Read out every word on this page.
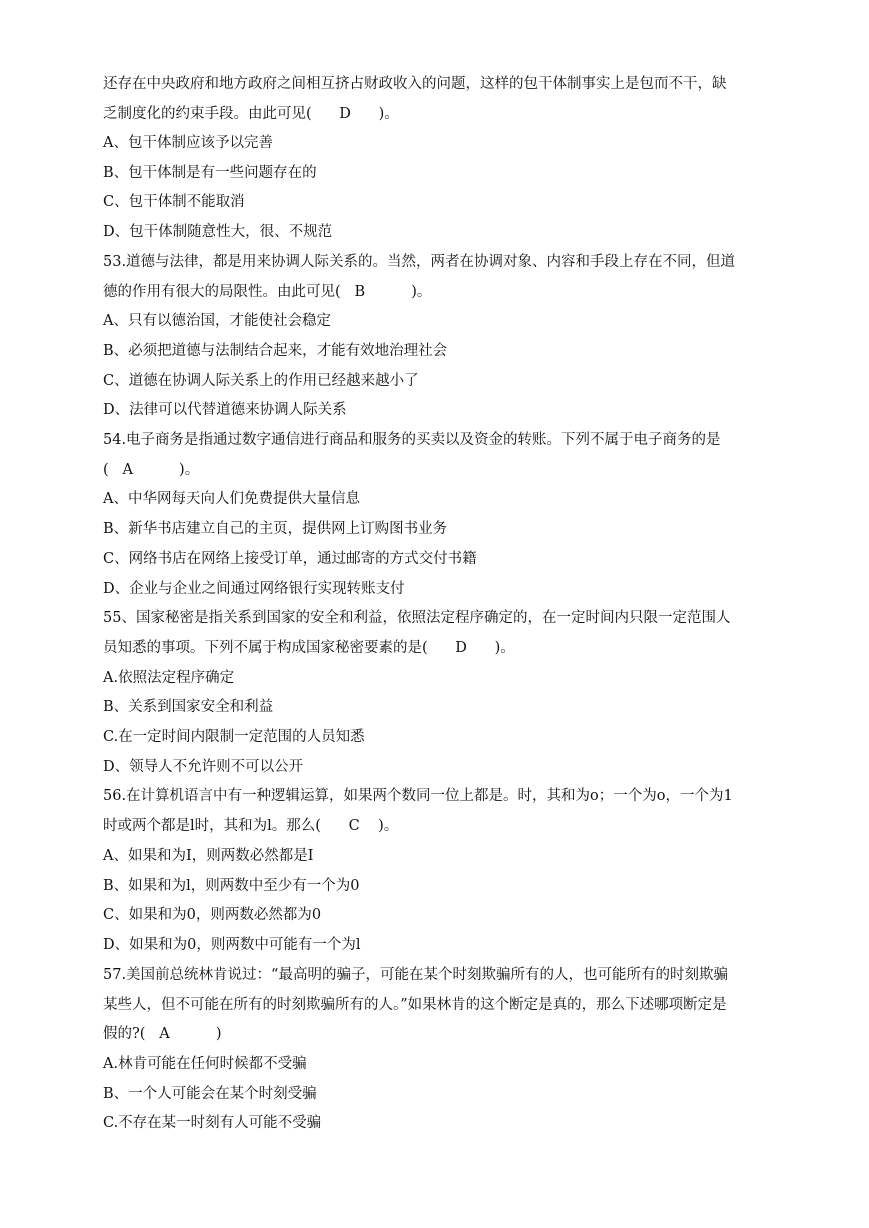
还存在中央政府和地方政府之间相互挤占财政收入的问题，这样的包干体制事实上是包而不干，缺
乏制度化的约束手段。由此可见(      D      )。
A、包干体制应该予以完善
B、包干体制是有一些问题存在的
C、包干体制不能取消
D、包干体制随意性大，很、不规范
53.道德与法律，都是用来协调人际关系的。当然，两者在协调对象、内容和手段上存在不同，但道
德的作用有很大的局限性。由此可见(   B          )。
A、只有以德治国，才能使社会稳定
B、必须把道德与法制结合起来，才能有效地治理社会
C、道德在协调人际关系上的作用已经越来越小了
D、法律可以代替道德来协调人际关系
54.电子商务是指通过数字通信进行商品和服务的买卖以及资金的转账。下列不属于电子商务的是
(   A          )。
A、中华网每天向人们免费提供大量信息
B、新华书店建立自己的主页，提供网上订购图书业务
C、网络书店在网络上接受订单，通过邮寄的方式交付书籍
D、企业与企业之间通过网络银行实现转账支付
55、国家秘密是指关系到国家的安全和利益，依照法定程序确定的，在一定时间内只限一定范围人
员知悉的事项。下列不属于构成国家秘密要素的是(      D      )。
A.依照法定程序确定
B、关系到国家安全和利益
C.在一定时间内限制一定范围的人员知悉
D、领导人不允许则不可以公开
56.在计算机语言中有一种逻辑运算，如果两个数同一位上都是。时，其和为o；一个为o，一个为1
时或两个都是l时，其和为l。那么(      C    )。
A、如果和为I，则两数必然都是I
B、如果和为l，则两数中至少有一个为0
C、如果和为0，则两数必然都为0
D、如果和为0，则两数中可能有一个为l
57.美国前总统林肯说过：“最高明的骗子，可能在某个时刻欺骗所有的人，也可能所有的时刻欺骗
某些人，但不可能在所有的时刻欺骗所有的人。”如果林肯的这个断定是真的，那么下述哪项断定是
假的?(   A          )
A.林肯可能在任何时候都不受骗
B、一个人可能会在某个时刻受骗
C.不存在某一时刻有人可能不受骗
